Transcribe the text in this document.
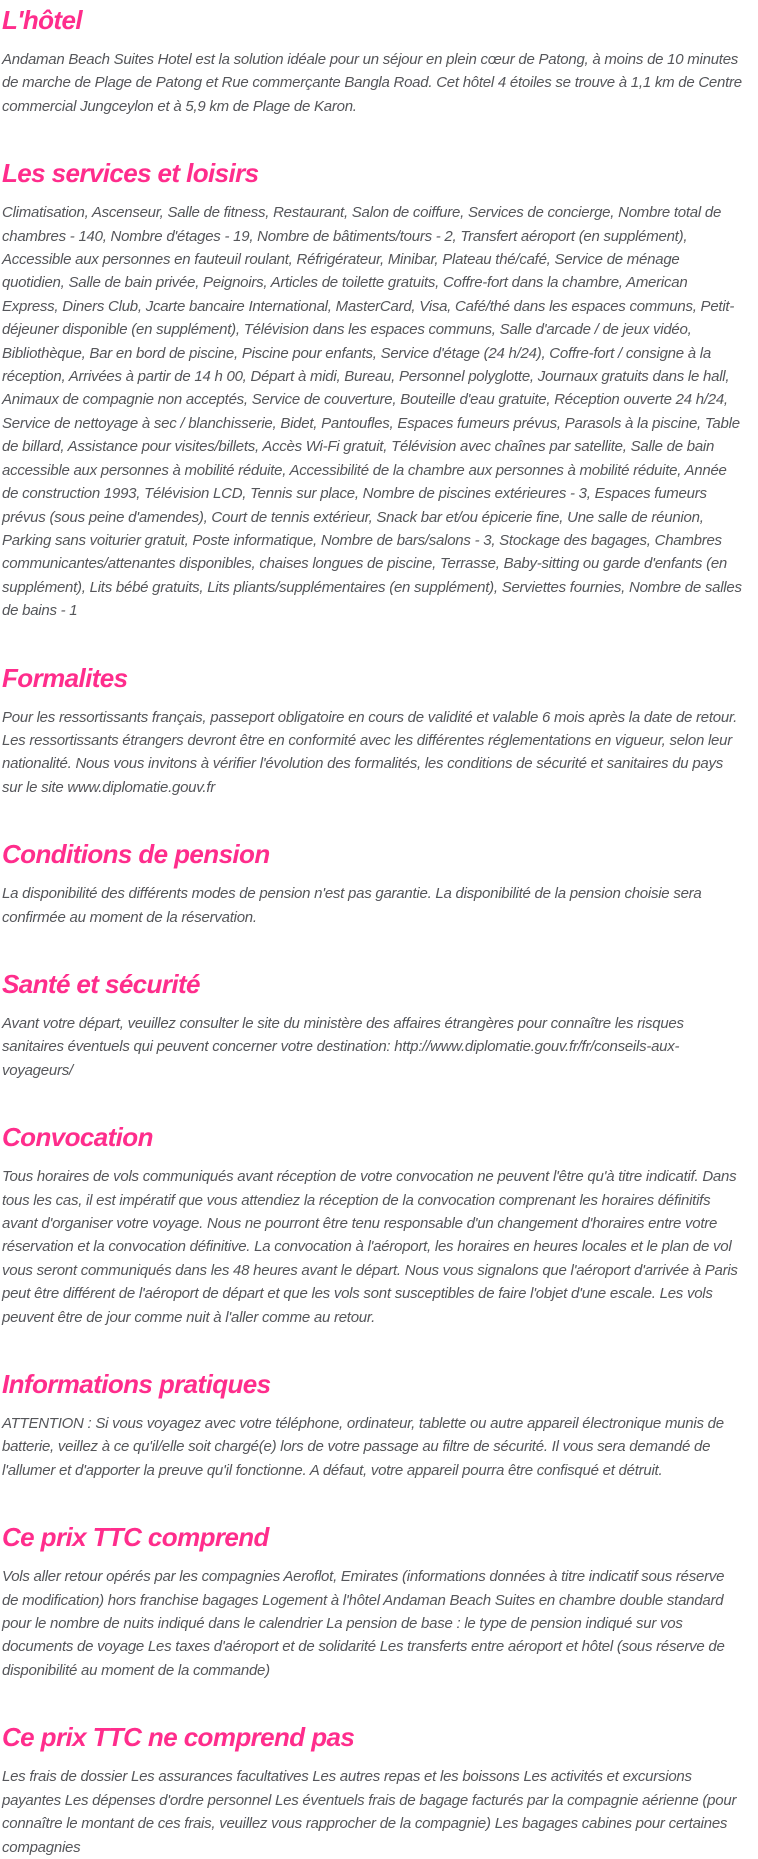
L'hôtel

Andaman Beach Suites Hotel est la solution idéale pour un séjour en plein cœur de Patong, à moins de 10 minutes de marche de Plage de Patong et Rue commerçante Bangla Road. Cet hôtel 4 étoiles se trouve à 1,1 km de Centre commercial Jungceylon et à 5,9 km de Plage de Karon.

Les services et loisirs

Climatisation, Ascenseur, Salle de fitness, Restaurant, Salon de coiffure, Services de concierge, Nombre total de chambres - 140, Nombre d'étages - 19, Nombre de bâtiments/tours - 2, Transfert aéroport (en supplément), Accessible aux personnes en fauteuil roulant, Réfrigérateur, Minibar, Plateau thé/café, Service de ménage quotidien, Salle de bain privée, Peignoirs, Articles de toilette gratuits, Coffre-fort dans la chambre, American Express, Diners Club, Jcarte bancaire International, MasterCard, Visa, Café/thé dans les espaces communs, Petit-déjeuner disponible (en supplément), Télévision dans les espaces communs, Salle d'arcade / de jeux vidéo, Bibliothèque, Bar en bord de piscine, Piscine pour enfants, Service d'étage (24 h/24), Coffre-fort / consigne à la réception, Arrivées à partir de 14 h 00, Départ à midi, Bureau, Personnel polyglotte, Journaux gratuits dans le hall, Animaux de compagnie non acceptés, Service de couverture, Bouteille d'eau gratuite, Réception ouverte 24 h/24, Service de nettoyage à sec / blanchisserie, Bidet, Pantoufles, Espaces fumeurs prévus, Parasols à la piscine, Table de billard, Assistance pour visites/billets, Accès Wi-Fi gratuit, Télévision avec chaînes par satellite, Salle de bain accessible aux personnes à mobilité réduite, Accessibilité de la chambre aux personnes à mobilité réduite, Année de construction 1993, Télévision LCD, Tennis sur place, Nombre de piscines extérieures - 3, Espaces fumeurs prévus (sous peine d'amendes), Court de tennis extérieur, Snack bar et/ou épicerie fine, Une salle de réunion, Parking sans voiturier gratuit, Poste informatique, Nombre de bars/salons - 3, Stockage des bagages, Chambres communicantes/attenantes disponibles, chaises longues de piscine, Terrasse, Baby-sitting ou garde d'enfants (en supplément), Lits bébé gratuits, Lits pliants/supplémentaires (en supplément), Serviettes fournies, Nombre de salles de bains - 1

Formalites

Pour les ressortissants français, passeport obligatoire en cours de validité et valable 6 mois après la date de retour. Les ressortissants étrangers devront être en conformité avec les différentes réglementations en vigueur, selon leur nationalité. Nous vous invitons à vérifier l'évolution des formalités, les conditions de sécurité et sanitaires du pays sur le site www.diplomatie.gouv.fr

Conditions de pension

La disponibilité des différents modes de pension n'est pas garantie. La disponibilité de la pension choisie sera confirmée au moment de la réservation.

Santé et sécurité

Avant votre départ, veuillez consulter le site du ministère des affaires étrangères pour connaître les risques sanitaires éventuels qui peuvent concerner votre destination: http://www.diplomatie.gouv.fr/fr/conseils-aux-voyageurs/

Convocation

Tous horaires de vols communiqués avant réception de votre convocation ne peuvent l'être qu'à titre indicatif. Dans tous les cas, il est impératif que vous attendiez la réception de la convocation comprenant les horaires définitifs avant d'organiser votre voyage. Nous ne pourront être tenu responsable d'un changement d'horaires entre votre réservation et la convocation définitive. La convocation à l'aéroport, les horaires en heures locales et le plan de vol vous seront communiqués dans les 48 heures avant le départ. Nous vous signalons que l'aéroport d'arrivée à Paris peut être différent de l'aéroport de départ et que les vols sont susceptibles de faire l'objet d'une escale. Les vols peuvent être de jour comme nuit à l'aller comme au retour.

Informations pratiques

ATTENTION : Si vous voyagez avec votre téléphone, ordinateur, tablette ou autre appareil électronique munis de batterie, veillez à ce qu'il/elle soit chargé(e) lors de votre passage au filtre de sécurité. Il vous sera demandé de l'allumer et d'apporter la preuve qu'il fonctionne. A défaut, votre appareil pourra être confisqué et détruit.

Ce prix TTC comprend

Vols aller retour opérés par les compagnies Aeroflot, Emirates (informations données à titre indicatif sous réserve de modification) hors franchise bagages Logement à l'hôtel Andaman Beach Suites en chambre double standard pour le nombre de nuits indiqué dans le calendrier La pension de base : le type de pension indiqué sur vos documents de voyage Les taxes d'aéroport et de solidarité Les transferts entre aéroport et hôtel (sous réserve de disponibilité au moment de la commande)

Ce prix TTC ne comprend pas

Les frais de dossier Les assurances facultatives Les autres repas et les boissons Les activités et excursions payantes Les dépenses d'ordre personnel Les éventuels frais de bagage facturés par la compagnie aérienne (pour connaître le montant de ces frais, veuillez vous rapprocher de la compagnie) Les bagages cabines pour certaines compagnies
